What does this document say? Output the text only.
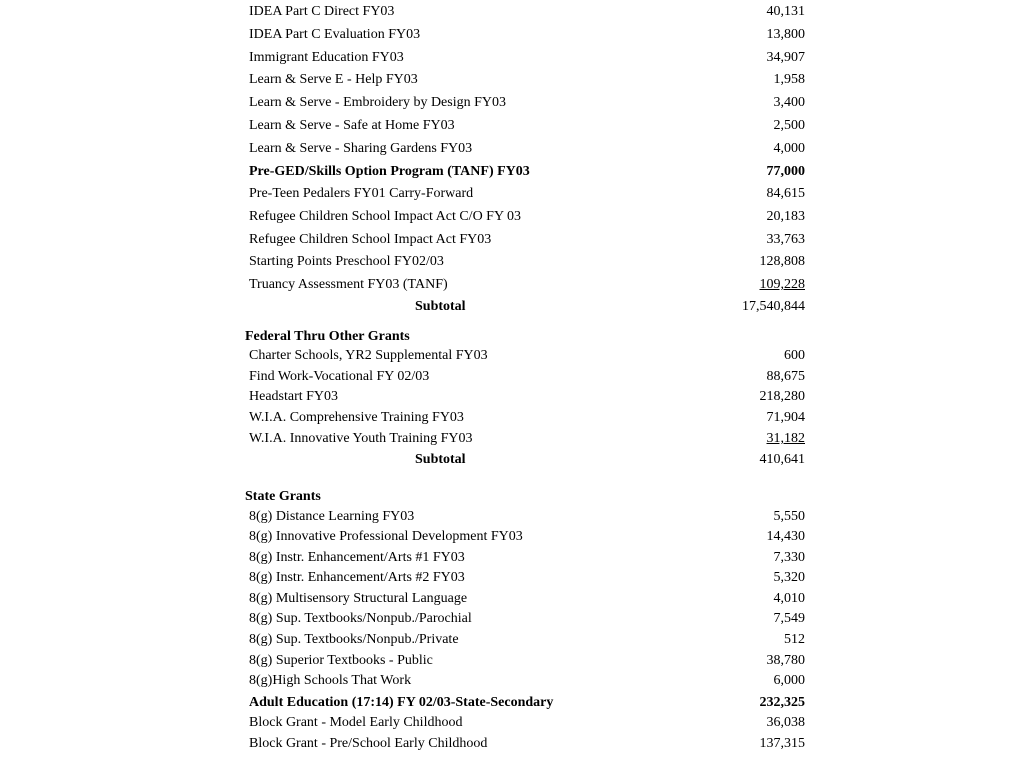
IDEA Part C Direct FY03	40,131
IDEA Part C Evaluation FY03	13,800
Immigrant Education FY03	34,907
Learn & Serve E - Help FY03	1,958
Learn & Serve - Embroidery by Design FY03	3,400
Learn & Serve - Safe at Home FY03	2,500
Learn & Serve - Sharing Gardens FY03	4,000
Pre-GED/Skills Option Program (TANF) FY03	77,000
Pre-Teen Pedalers FY01 Carry-Forward	84,615
Refugee Children School Impact Act C/O FY 03	20,183
Refugee Children School Impact Act FY03	33,763
Starting Points Preschool FY02/03	128,808
Truancy Assessment FY03 (TANF)	109,228
Subtotal	17,540,844
Federal Thru Other Grants
Charter Schools, YR2 Supplemental FY03	600
Find Work-Vocational FY 02/03	88,675
Headstart FY03	218,280
W.I.A. Comprehensive Training FY03	71,904
W.I.A. Innovative Youth Training FY03	31,182
Subtotal	410,641
State Grants
8(g) Distance Learning FY03	5,550
8(g) Innovative Professional Development FY03	14,430
8(g) Instr. Enhancement/Arts #1 FY03	7,330
8(g) Instr. Enhancement/Arts #2 FY03	5,320
8(g) Multisensory Structural Language	4,010
8(g) Sup. Textbooks/Nonpub./Parochial	7,549
8(g) Sup. Textbooks/Nonpub./Private	512
8(g) Superior Textbooks - Public	38,780
8(g)High Schools That Work	6,000
Adult Education (17:14) FY 02/03-State-Secondary	232,325
Block Grant - Model Early Childhood	36,038
Block Grant - Pre/School Early Childhood	137,315
